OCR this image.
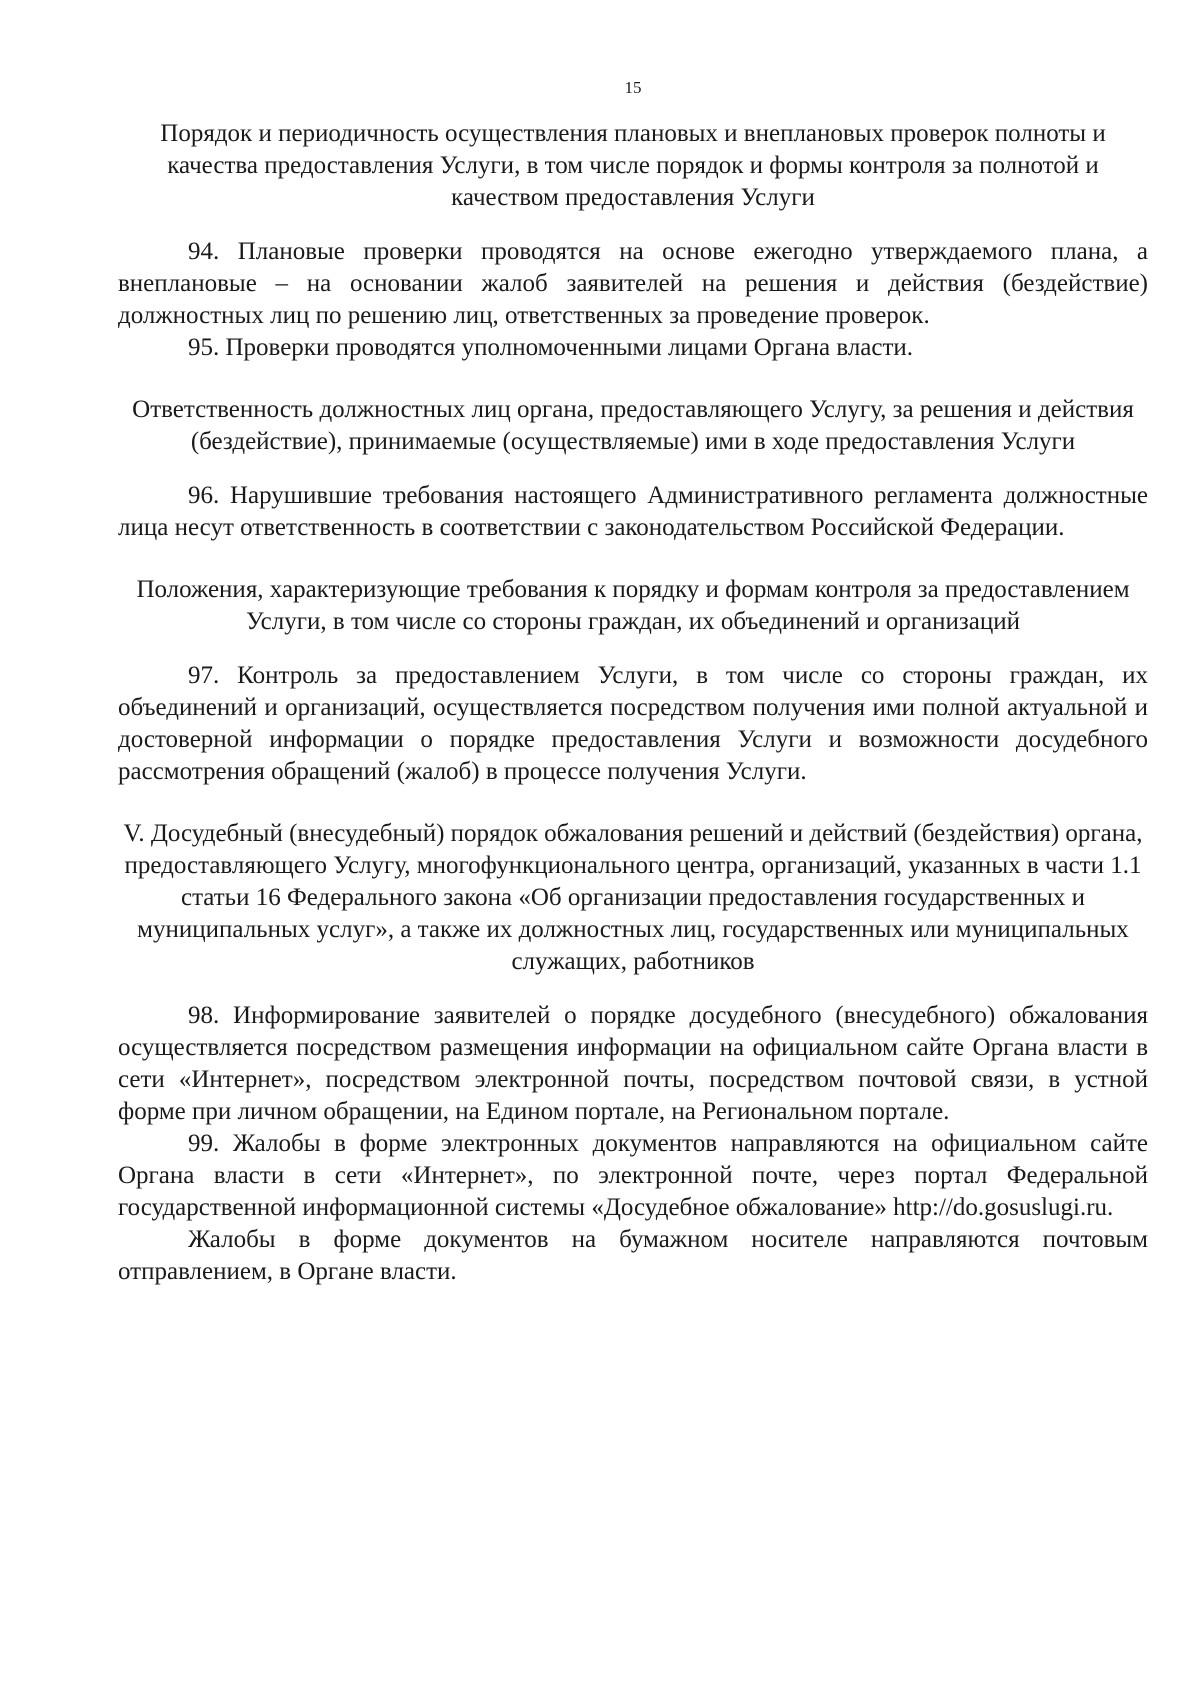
15
Порядок и периодичность осуществления плановых и внеплановых проверок полноты и качества предоставления Услуги, в том числе порядок и формы контроля за полнотой и качеством предоставления Услуги
94. Плановые проверки проводятся на основе ежегодно утверждаемого плана, а внеплановые – на основании жалоб заявителей на решения и действия (бездействие) должностных лиц по решению лиц, ответственных за проведение проверок.
95. Проверки проводятся уполномоченными лицами Органа власти.
Ответственность должностных лиц органа, предоставляющего Услугу, за решения и действия (бездействие), принимаемые (осуществляемые) ими в ходе предоставления Услуги
96. Нарушившие требования настоящего Административного регламента должностные лица несут ответственность в соответствии с законодательством Российской Федерации.
Положения, характеризующие требования к порядку и формам контроля за предоставлением Услуги, в том числе со стороны граждан, их объединений и организаций
97. Контроль за предоставлением Услуги, в том числе со стороны граждан, их объединений и организаций, осуществляется посредством получения ими полной актуальной и достоверной информации о порядке предоставления Услуги и возможности досудебного рассмотрения обращений (жалоб) в процессе получения Услуги.
V. Досудебный (внесудебный) порядок обжалования решений и действий (бездействия) органа, предоставляющего Услугу, многофункционального центра, организаций, указанных в части 1.1 статьи 16 Федерального закона «Об организации предоставления государственных и муниципальных услуг», а также их должностных лиц, государственных или муниципальных служащих, работников
98. Информирование заявителей о порядке досудебного (внесудебного) обжалования осуществляется посредством размещения информации на официальном сайте Органа власти в сети «Интернет», посредством электронной почты, посредством почтовой связи, в устной форме при личном обращении, на Едином портале, на Региональном портале.
99. Жалобы в форме электронных документов направляются на официальном сайте Органа власти в сети «Интернет», по электронной почте, через портал Федеральной государственной информационной системы «Досудебное обжалование» http://do.gosuslugi.ru.
Жалобы в форме документов на бумажном носителе направляются почтовым отправлением, в Органе власти.
